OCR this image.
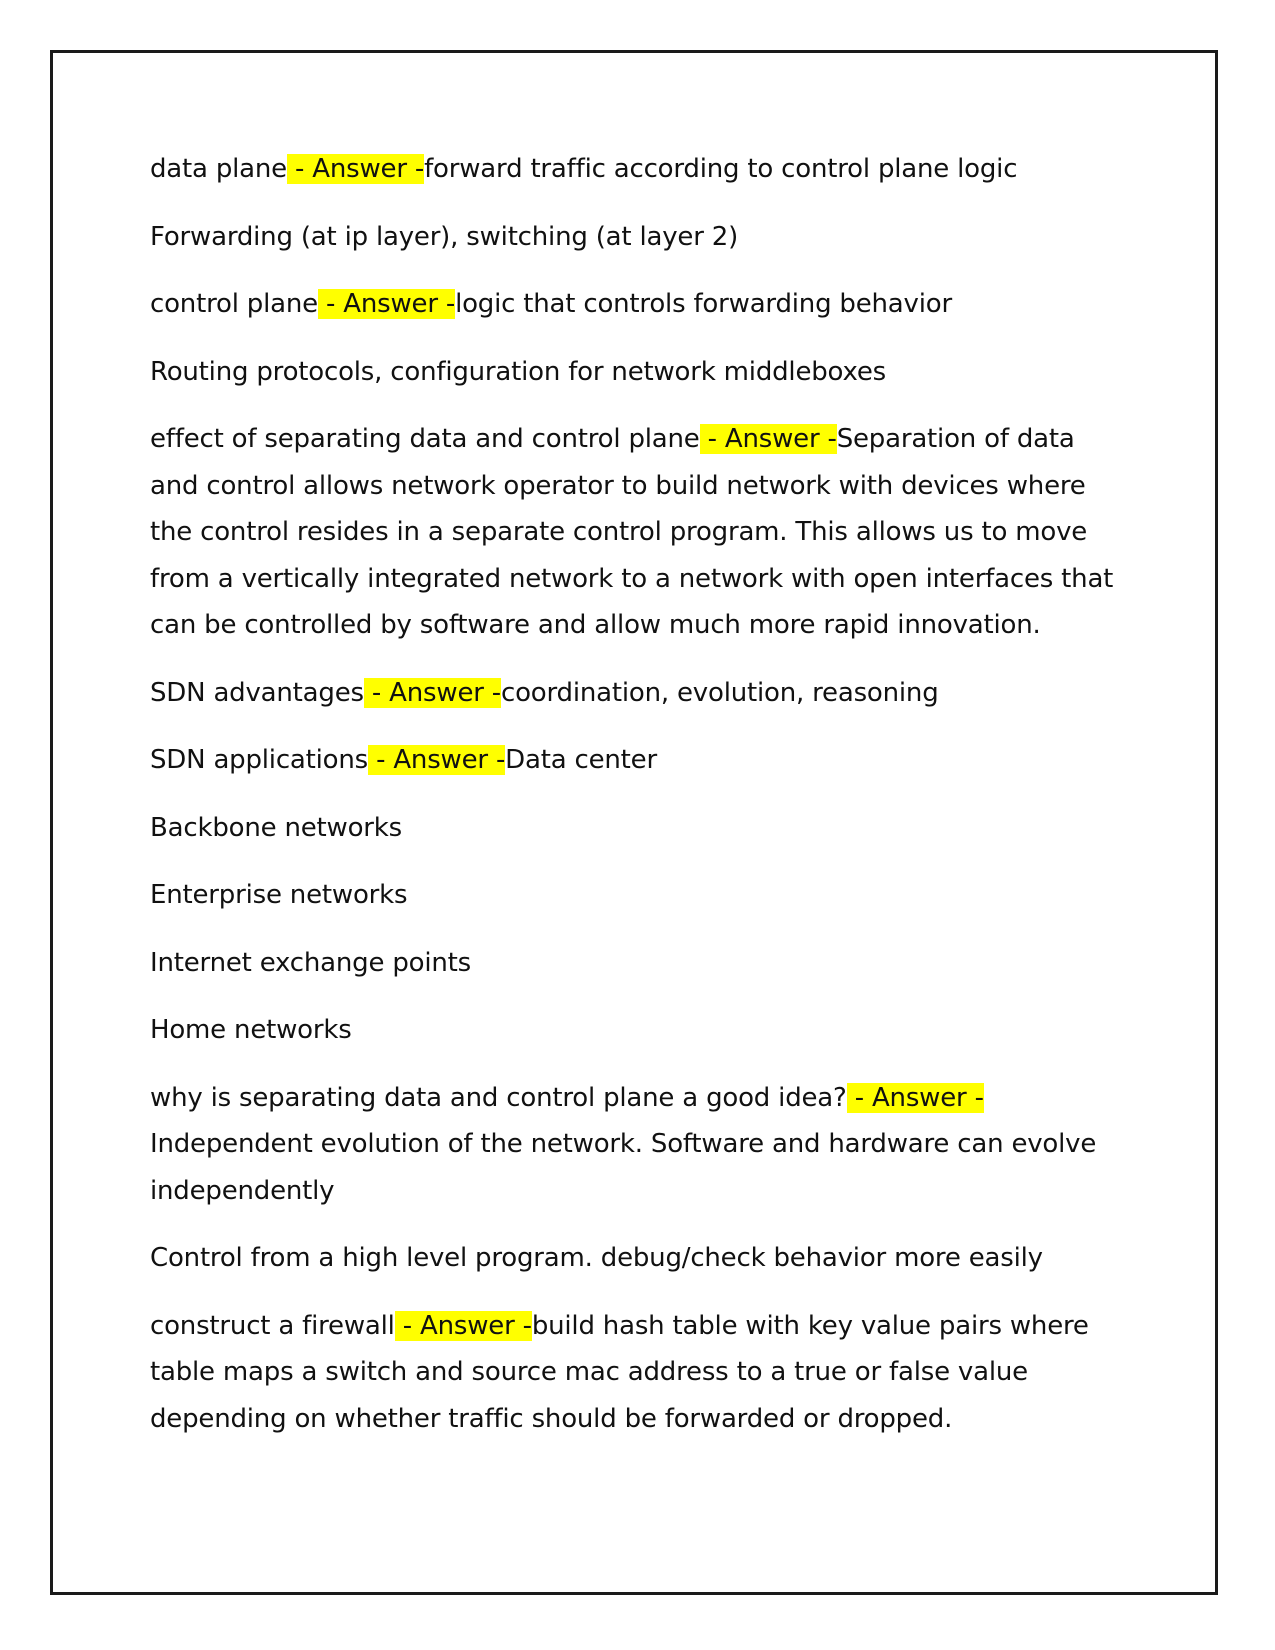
data plane - Answer -forward traffic according to control plane logic

Forwarding (at ip layer), switching (at layer 2)

control plane - Answer -logic that controls forwarding behavior

Routing protocols, configuration for network middleboxes

effect of separating data and control plane - Answer -Separation of data and control allows network operator to build network with devices where the control resides in a separate control program. This allows us to move from a vertically integrated network to a network with open interfaces that can be controlled by software and allow much more rapid innovation.

SDN advantages - Answer -coordination, evolution, reasoning

SDN applications - Answer -Data center

Backbone networks

Enterprise networks

Internet exchange points

Home networks

why is separating data and control plane a good idea? - Answer -Independent evolution of the network. Software and hardware can evolve independently

Control from a high level program. debug/check behavior more easily

construct a firewall - Answer -build hash table with key value pairs where table maps a switch and source mac address to a true or false value depending on whether traffic should be forwarded or dropped.
